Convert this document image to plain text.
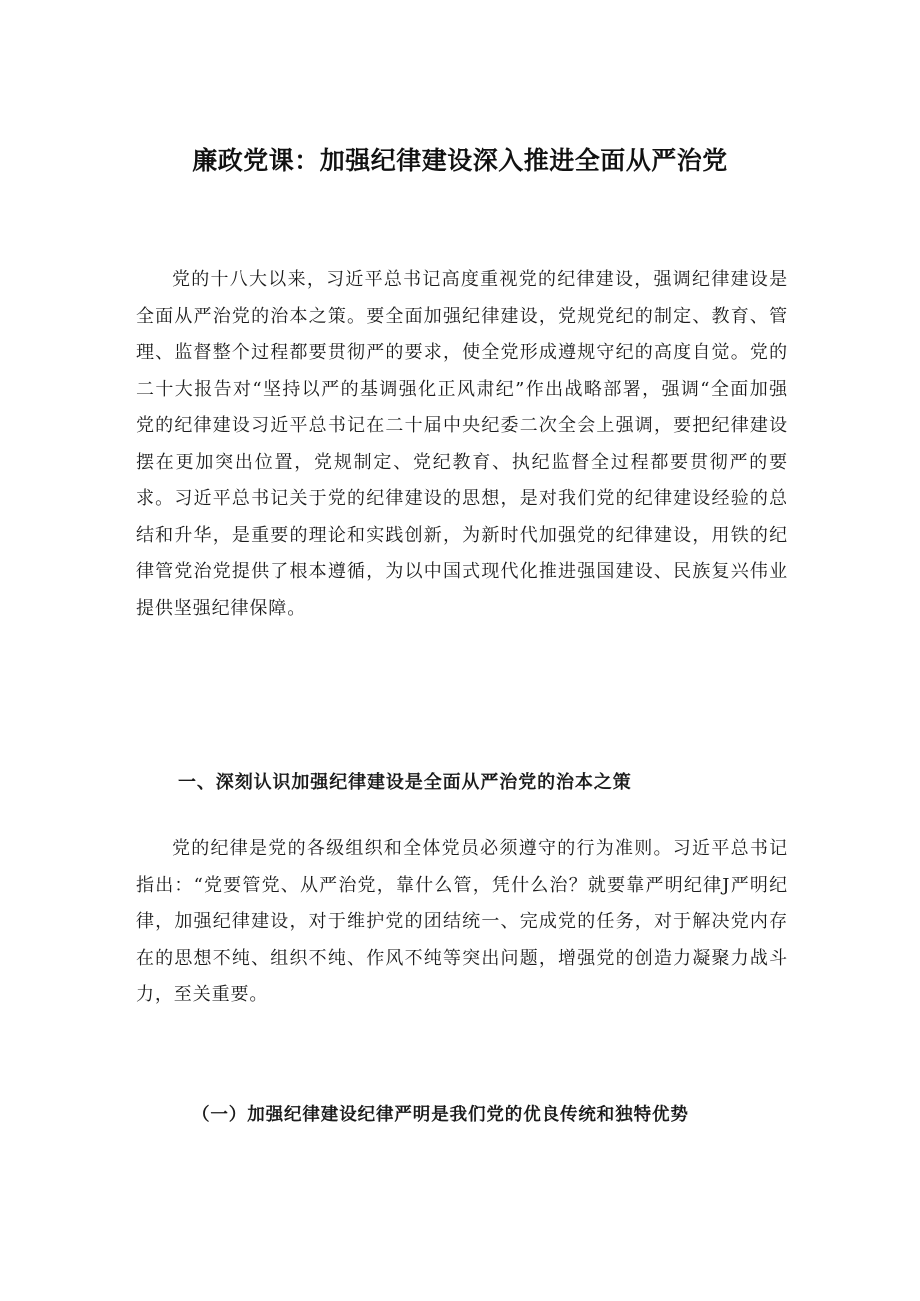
廉政党课：加强纪律建设深入推进全面从严治党

党的十八大以来，习近平总书记高度重视党的纪律建设，强调纪律建设是全面从严治党的治本之策。要全面加强纪律建设，党规党纪的制定、教育、管理、监督整个过程都要贯彻严的要求，使全党形成遵规守纪的高度自觉。党的二十大报告对“坚持以严的基调强化正风肃纪”作出战略部署，强调“全面加强党的纪律建设习近平总书记在二十届中央纪委二次全会上强调，要把纪律建设摆在更加突出位置，党规制定、党纪教育、执纪监督全过程都要贯彻严的要求。习近平总书记关于党的纪律建设的思想，是对我们党的纪律建设经验的总结和升华，是重要的理论和实践创新，为新时代加强党的纪律建设，用铁的纪律管党治党提供了根本遵循，为以中国式现代化推进强国建设、民族复兴伟业提供坚强纪律保障。

一、深刻认识加强纪律建设是全面从严治党的治本之策

党的纪律是党的各级组织和全体党员必须遵守的行为准则。习近平总书记指出：“党要管党、从严治党，靠什么管，凭什么治？就要靠严明纪律J严明纪律，加强纪律建设，对于维护党的团结统一、完成党的任务，对于解决党内存在的思想不纯、组织不纯、作风不纯等突出问题，增强党的创造力凝聚力战斗力，至关重要。

（一）加强纪律建设纪律严明是我们党的优良传统和独特优势
